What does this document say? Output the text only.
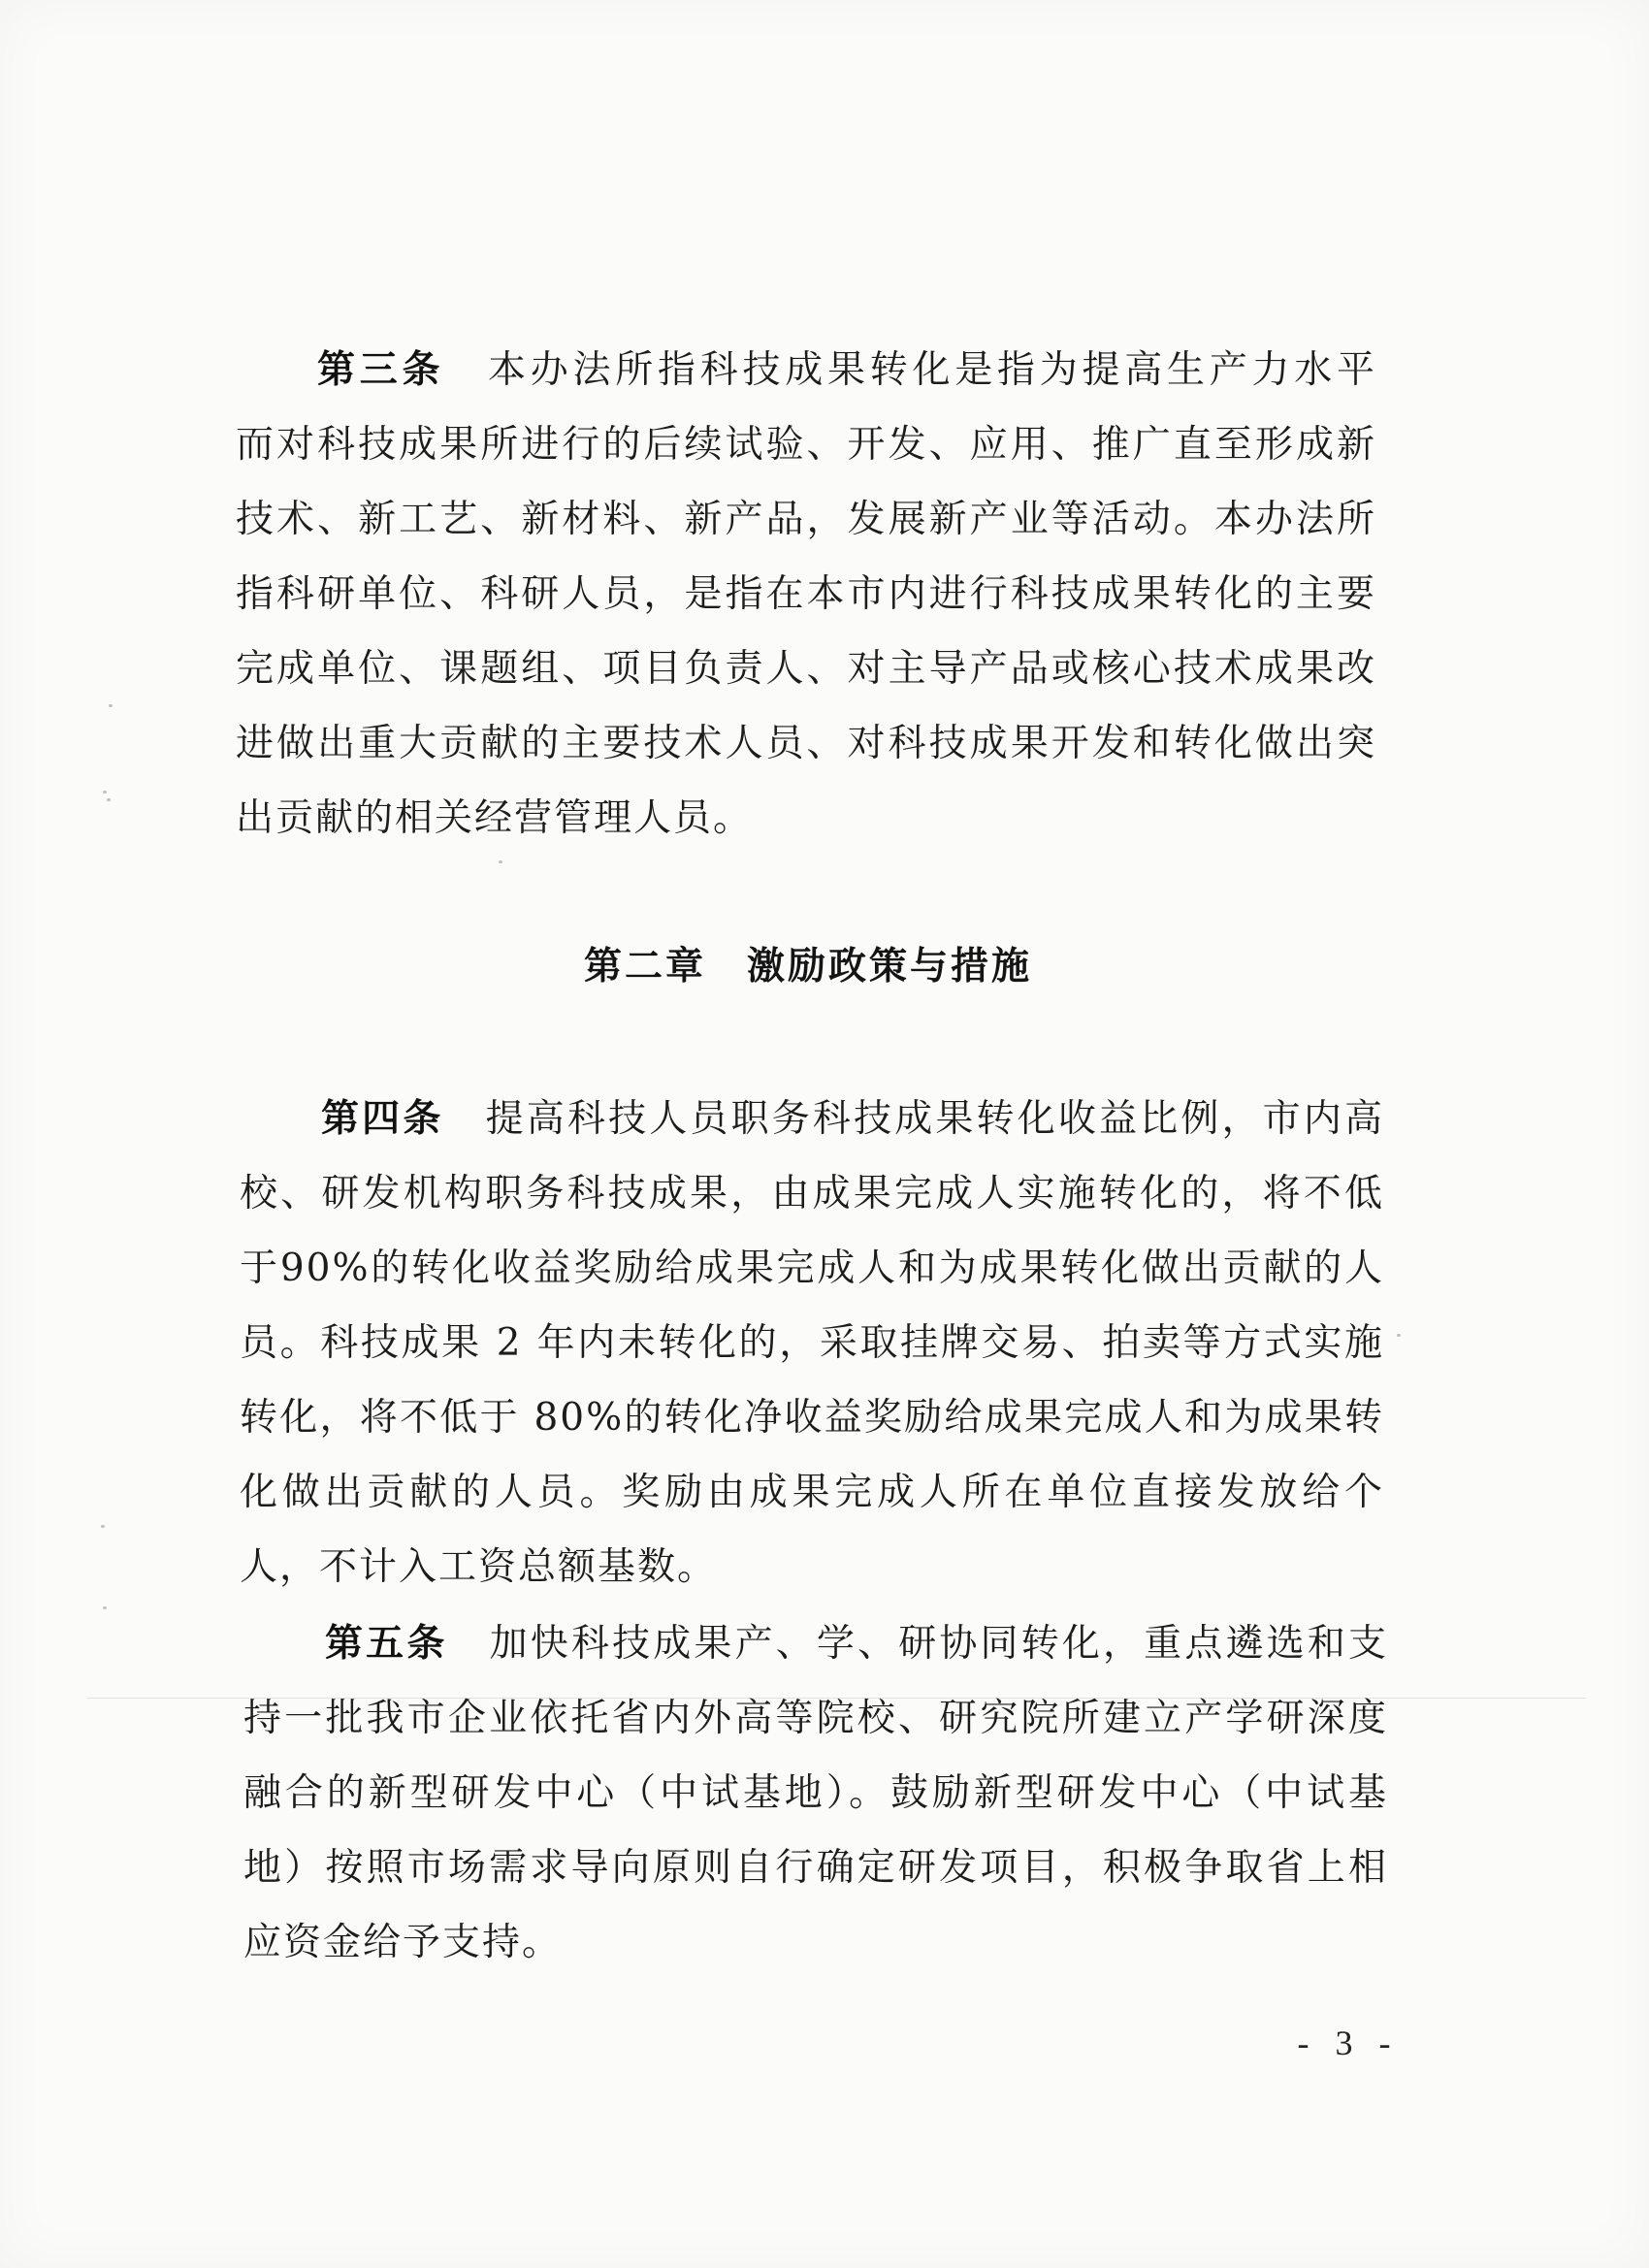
第三条 本办法所指科技成果转化是指为提高生产力水平
而对科技成果所进行的后续试验、开发、应用、推广直至形成新
技术、新工艺、新材料、新产品，发展新产业等活动。本办法所
指科研单位、科研人员，是指在本市内进行科技成果转化的主要
完成单位、课题组、项目负责人、对主导产品或核心技术成果改
进做出重大贡献的主要技术人员、对科技成果开发和转化做出突
出贡献的相关经营管理人员。
第二章 激励政策与措施
第四条 提高科技人员职务科技成果转化收益比例，市内高
校、研发机构职务科技成果，由成果完成人实施转化的，将不低
于90%的转化收益奖励给成果完成人和为成果转化做出贡献的人
员。科技成果 2 年内未转化的，采取挂牌交易、拍卖等方式实施
转化，将不低于 80%的转化净收益奖励给成果完成人和为成果转
化做出贡献的人员。奖励由成果完成人所在单位直接发放给个
人，不计入工资总额基数。
第五条 加快科技成果产、学、研协同转化，重点遴选和支
持一批我市企业依托省内外高等院校、研究院所建立产学研深度
融合的新型研发中心（中试基地）。鼓励新型研发中心（中试基
地）按照市场需求导向原则自行确定研发项目，积极争取省上相
应资金给予支持。
- 3 -
